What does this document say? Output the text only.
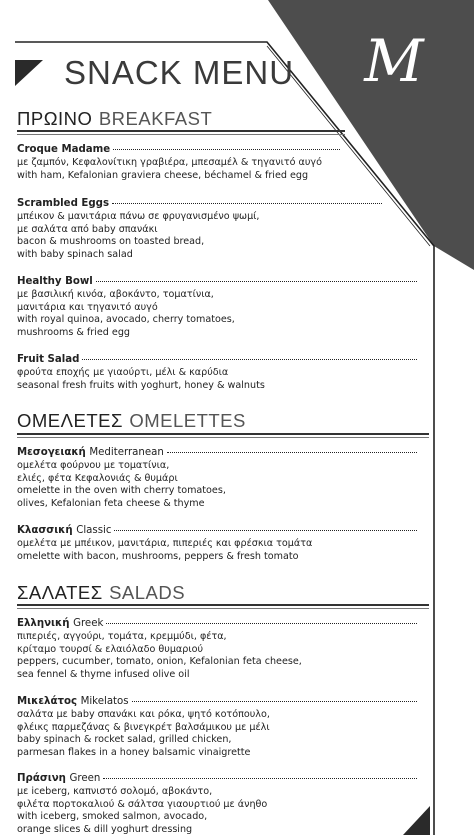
M
SNACK MENU
ΠΡΩΙΝΟ BREAKFAST
Croque Madame
με ζαμπόν, Κεφαλονίτικη γραβιέρα, μπεσαμέλ & τηγανιτό αυγό
with ham, Kefalonian graviera cheese, béchamel & fried egg
Scrambled Eggs
μπέικον & μανιτάρια πάνω σε φρυγανισμένο ψωμί,
με σαλάτα από baby σπανάκι
bacon & mushrooms on toasted bread,
with baby spinach salad
Healthy Bowl
με βασιλική κινόα, αβοκάντο, τοματίνια,
μανιτάρια και τηγανιτό αυγό
with royal quinoa, avocado, cherry tomatoes,
mushrooms & fried egg
Fruit Salad
φρούτα εποχής με γιαούρτι, μέλι & καρύδια
seasonal fresh fruits with yoghurt, honey & walnuts
ΟΜΕΛΕΤΕΣ OMELETTES
Μεσογειακή Mediterranean
ομελέτα φούρνου με τοματίνια,
ελιές, φέτα Κεφαλονιάς & θυμάρι
omelette in the oven with cherry tomatoes,
olives, Kefalonian feta cheese & thyme
Κλασσική Classic
ομελέτα με μπέικον, μανιτάρια, πιπεριές και φρέσκια τομάτα
omelette with bacon, mushrooms, peppers & fresh tomato
ΣΑΛΑΤΕΣ SALADS
Ελληνική Greek
πιπεριές, αγγούρι, τομάτα, κρεμμύδι, φέτα,
κρίταμο τουρσί & ελαιόλαδο θυμαριού
peppers, cucumber, tomato, onion, Kefalonian feta cheese,
sea fennel & thyme infused olive oil
Μικελάτος Mikelatos
σαλάτα με baby σπανάκι και ρόκα, ψητό κοτόπουλο,
φλέικς παρμεζάνας & βινεγκρέτ βαλσάμικου με μέλι
baby spinach & rocket salad, grilled chicken,
parmesan flakes in a honey balsamic vinaigrette
Πράσινη Green
με iceberg, καπνιστό σολομό, αβοκάντο,
φιλέτα πορτοκαλιού & σάλτσα γιαουρτιού με άνηθο
with iceberg, smoked salmon, avocado,
orange slices & dill yoghurt dressing
